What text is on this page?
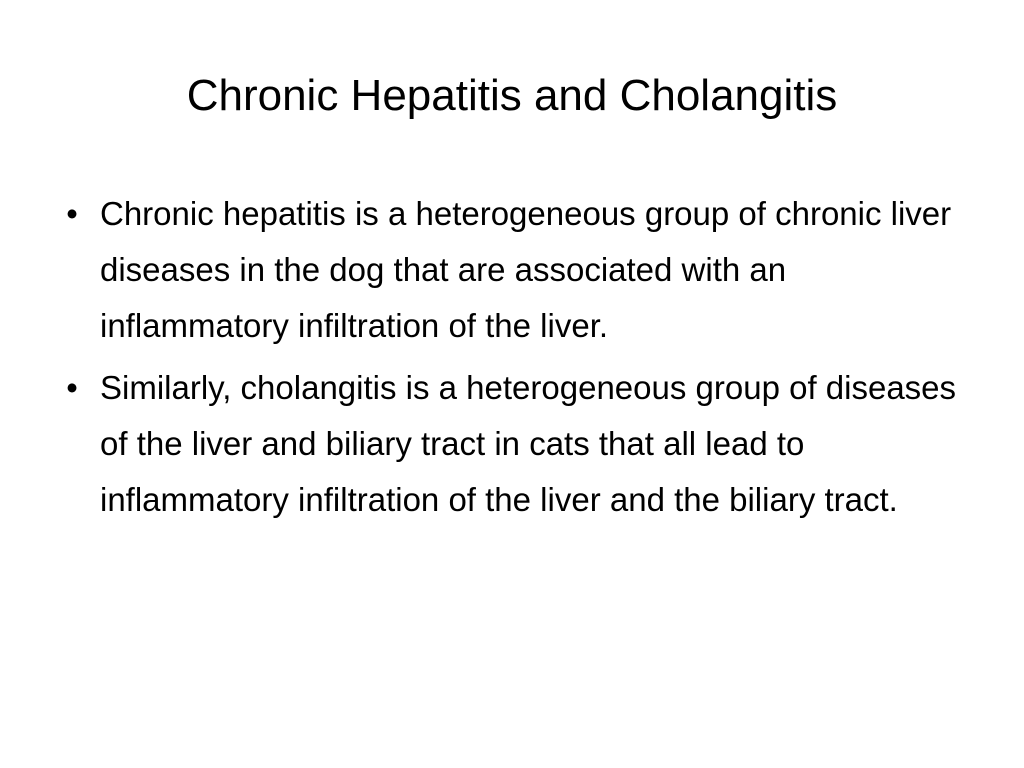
Chronic Hepatitis and Cholangitis
• Chronic hepatitis is a heterogeneous group of chronic liver diseases in the dog that are associated with an inflammatory infiltration of the liver.
• Similarly, cholangitis is a heterogeneous group of diseases of the liver and biliary tract in cats that all lead to inflammatory infiltration of the liver and the biliary tract.
